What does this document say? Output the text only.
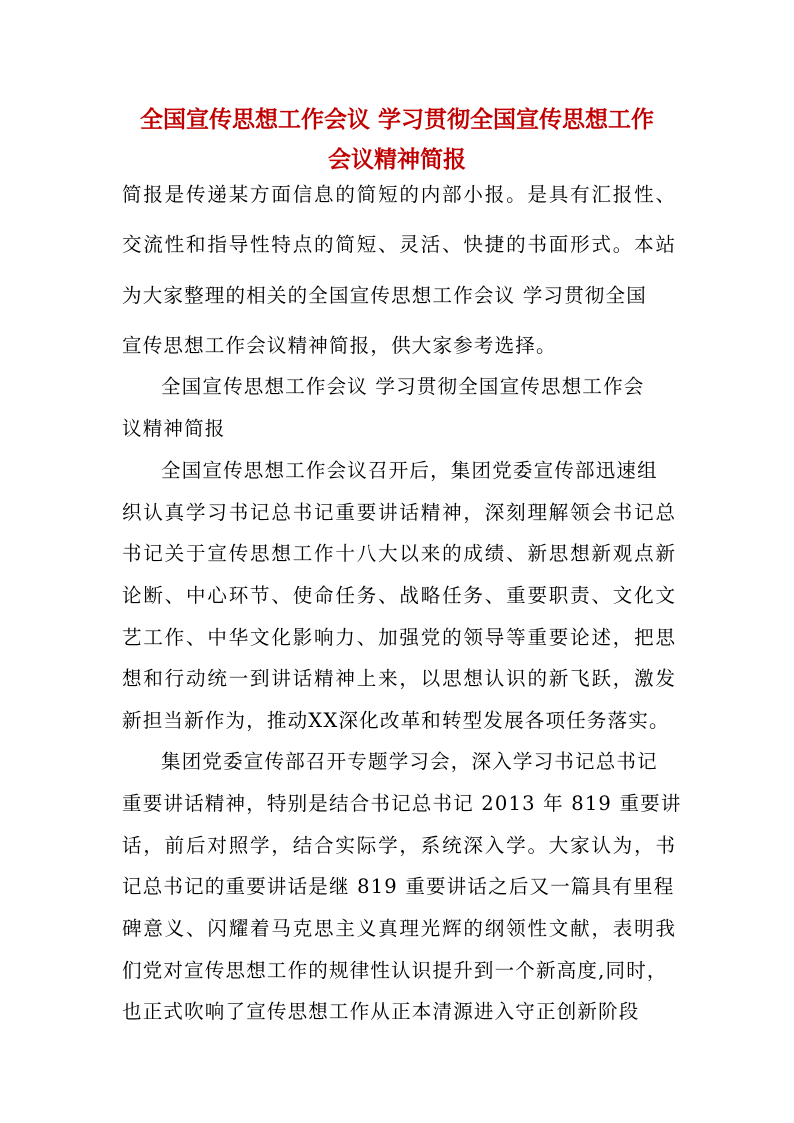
全国宣传思想工作会议 学习贯彻全国宣传思想工作
会议精神简报
简报是传递某方面信息的简短的内部小报。是具有汇报性、
交流性和指导性特点的简短、灵活、快捷的书面形式。本站
为大家整理的相关的全国宣传思想工作会议 学习贯彻全国
宣传思想工作会议精神简报，供大家参考选择。
全国宣传思想工作会议 学习贯彻全国宣传思想工作会
议精神简报
全国宣传思想工作会议召开后，集团党委宣传部迅速组
织认真学习书记总书记重要讲话精神，深刻理解领会书记总
书记关于宣传思想工作十八大以来的成绩、新思想新观点新
论断、中心环节、使命任务、战略任务、重要职责、文化文
艺工作、中华文化影响力、加强党的领导等重要论述，把思
想和行动统一到讲话精神上来，以思想认识的新飞跃，激发
新担当新作为，推动XX深化改革和转型发展各项任务落实。
集团党委宣传部召开专题学习会，深入学习书记总书记
重要讲话精神，特别是结合书记总书记 2013 年 819 重要讲
话，前后对照学，结合实际学，系统深入学。大家认为，书
记总书记的重要讲话是继 819 重要讲话之后又一篇具有里程
碑意义、闪耀着马克思主义真理光辉的纲领性文献，表明我
们党对宣传思想工作的规律性认识提升到一个新高度,同时，
也正式吹响了宣传思想工作从正本清源进入守正创新阶段
